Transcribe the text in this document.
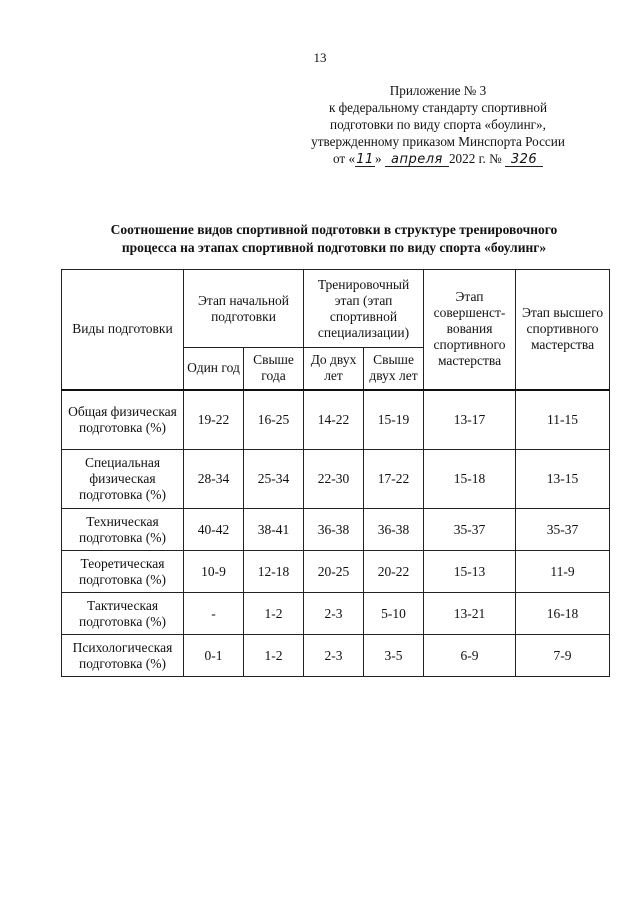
13
Приложение № 3
к федеральному стандарту спортивной
подготовки по виду спорта «боулинг»,
утвержденному приказом Минспорта России
от «11» апреля 2022 г. № 326
Соотношение видов спортивной подготовки в структуре тренировочного
процесса на этапах спортивной подготовки по виду спорта «боулинг»
Виды подготовки	Этап начальной подготовки		Тренировочный этап (этап спортивной специализации)		Этап совершенст-вования спортивного мастерства	Этап высшего спортивного мастерства
	Один год	Свыше года	До двух лет	Свыше двух лет		
Общая физическая подготовка (%)	19-22	16-25	14-22	15-19	13-17	11-15
Специальная физическая подготовка (%)	28-34	25-34	22-30	17-22	15-18	13-15
Техническая подготовка (%)	40-42	38-41	36-38	36-38	35-37	35-37
Теоретическая подготовка (%)	10-9	12-18	20-25	20-22	15-13	11-9
Тактическая подготовка (%)	-	1-2	2-3	5-10	13-21	16-18
Психологическая подготовка (%)	0-1	1-2	2-3	3-5	6-9	7-9
